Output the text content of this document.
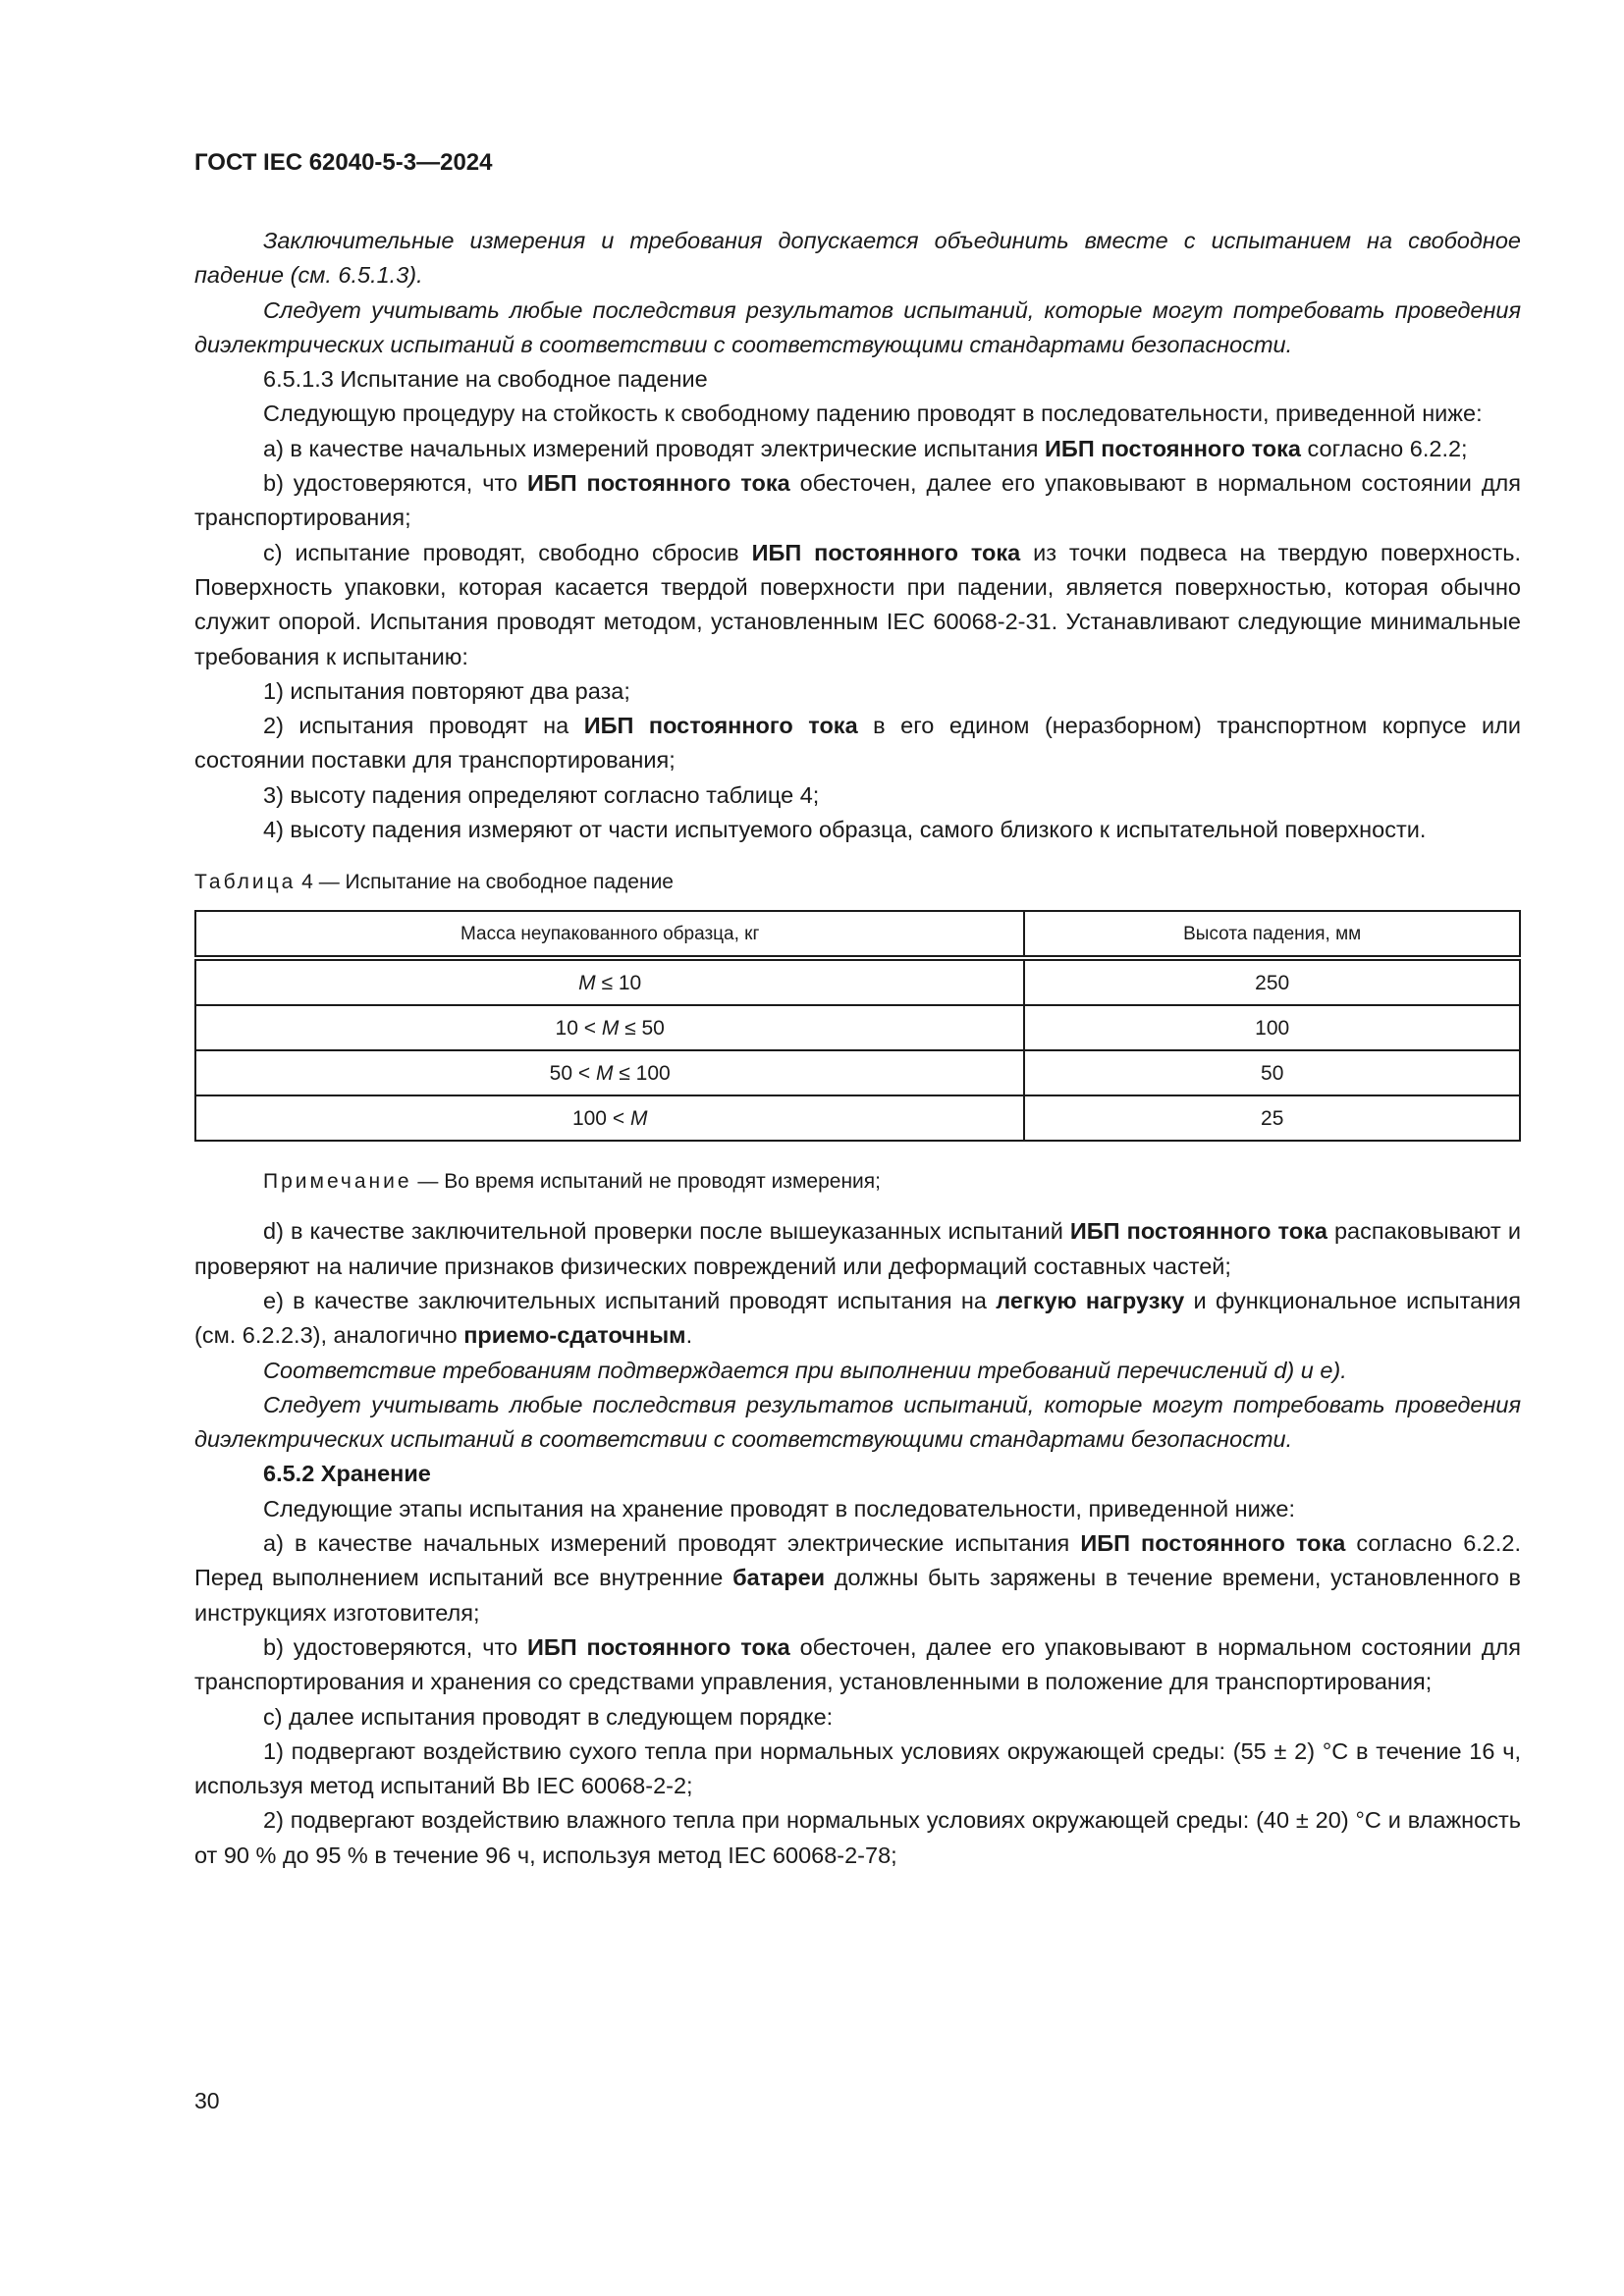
ГОСТ IEC 62040-5-3—2024

Заключительные измерения и требования допускается объединить вместе с испытанием на свободное падение (см. 6.5.1.3).

Следует учитывать любые последствия результатов испытаний, которые могут потребовать проведения диэлектрических испытаний в соответствии с соответствующими стандартами безопасности.

6.5.1.3 Испытание на свободное падение

Следующую процедуру на стойкость к свободному падению проводят в последовательности, приведенной ниже:

а) в качестве начальных измерений проводят электрические испытания ИБП постоянного тока согласно 6.2.2;

b) удостоверяются, что ИБП постоянного тока обесточен, далее его упаковывают в нормальном состоянии для транспортирования;

с) испытание проводят, свободно сбросив ИБП постоянного тока из точки подвеса на твердую поверхность. Поверхность упаковки, которая касается твердой поверхности при падении, является поверхностью, которая обычно служит опорой. Испытания проводят методом, установленным IEC 60068-2-31. Устанавливают следующие минимальные требования к испытанию:

1) испытания повторяют два раза;

2) испытания проводят на ИБП постоянного тока в его едином (неразборном) транспортном корпусе или состоянии поставки для транспортирования;

3) высоту падения определяют согласно таблице 4;

4) высоту падения измеряют от части испытуемого образца, самого близкого к испытательной поверхности.

Таблица 4 — Испытание на свободное падение
Масса неупакованного образца, кг	Высота падения, мм
M ≤ 10	250
10 < M ≤ 50	100
50 < M ≤ 100	50
100 < M	25
Примечание — Во время испытаний не проводят измерения;

d) в качестве заключительной проверки после вышеуказанных испытаний ИБП постоянного тока распаковывают и проверяют на наличие признаков физических повреждений или деформаций составных частей;

е) в качестве заключительных испытаний проводят испытания на легкую нагрузку и функциональное испытания (см. 6.2.2.3), аналогично приемо-сдаточным.

Соответствие требованиям подтверждается при выполнении требований перечислений d) и е).

Следует учитывать любые последствия результатов испытаний, которые могут потребовать проведения диэлектрических испытаний в соответствии с соответствующими стандартами безопасности.

6.5.2 Хранение

Следующие этапы испытания на хранение проводят в последовательности, приведенной ниже:

а) в качестве начальных измерений проводят электрические испытания ИБП постоянного тока согласно 6.2.2. Перед выполнением испытаний все внутренние батареи должны быть заряжены в течение времени, установленного в инструкциях изготовителя;

b) удостоверяются, что ИБП постоянного тока обесточен, далее его упаковывают в нормальном состоянии для транспортирования и хранения со средствами управления, установленными в положение для транспортирования;

с) далее испытания проводят в следующем порядке:

1) подвергают воздействию сухого тепла при нормальных условиях окружающей среды: (55 ± 2) °С в течение 16 ч, используя метод испытаний Bb IEC 60068-2-2;

2) подвергают воздействию влажного тепла при нормальных условиях окружающей среды: (40 ± 20) °С и влажность от 90 % до 95 % в течение 96 ч, используя метод IEC 60068-2-78;

30
